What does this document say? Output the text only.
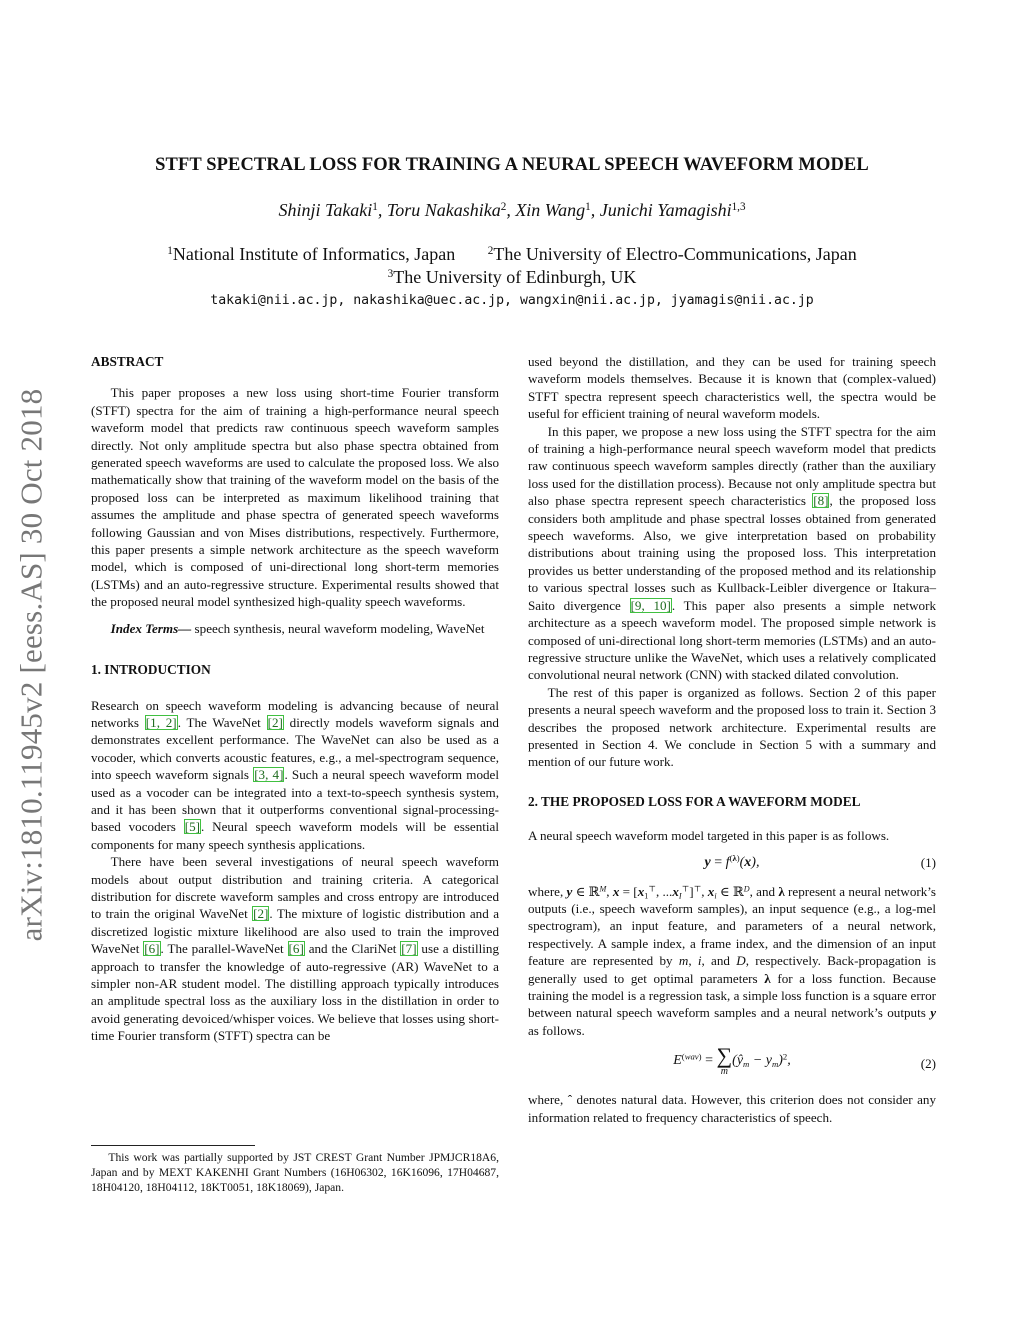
arXiv:1810.11945v2 [eess.AS] 30 Oct 2018
STFT SPECTRAL LOSS FOR TRAINING A NEURAL SPEECH WAVEFORM MODEL
Shinji Takaki$^1$, Toru Nakashika$^2$, Xin Wang$^1$, Junichi Yamagishi$^{1,3}$
$^1$National Institute of Informatics, Japan	$^2$The University of Electro-Communications, Japan
$^3$The University of Edinburgh, UK
takaki@nii.ac.jp, nakashika@uec.ac.jp, wangxin@nii.ac.jp, jyamagis@nii.ac.jp

ABSTRACT

This paper proposes a new loss using short-time Fourier transform (STFT) spectra for the aim of training a high-performance neural speech waveform model that predicts raw continuous speech waveform samples directly. Not only amplitude spectra but also phase spectra obtained from generated speech waveforms are used to calculate the proposed loss. We also mathematically show that training of the waveform model on the basis of the proposed loss can be interpreted as maximum likelihood training that assumes the amplitude and phase spectra of generated speech waveforms following Gaussian and von Mises distributions, respectively. Furthermore, this paper presents a simple network architecture as the speech waveform model, which is composed of uni-directional long short-term memories (LSTMs) and an auto-regressive structure. Experimental results showed that the proposed neural model synthesized high-quality speech waveforms.

Index Terms— speech synthesis, neural waveform modeling, WaveNet

1. INTRODUCTION

Research on speech waveform modeling is advancing because of neural networks [1, 2]. The WaveNet [2] directly models waveform signals and demonstrates excellent performance. The WaveNet can also be used as a vocoder, which converts acoustic features, e.g., a mel-spectrogram sequence, into speech waveform signals [3, 4]. Such a neural speech waveform model used as a vocoder can be integrated into a text-to-speech synthesis system, and it has been shown that it outperforms conventional signal-processing-based vocoders [5]. Neural speech waveform models will be essential components for many speech synthesis applications.

There have been several investigations of neural speech waveform models about output distribution and training criteria. A categorical distribution for discrete waveform samples and cross entropy are introduced to train the original WaveNet [2]. The mixture of logistic distribution and a discretized logistic mixture likelihood are also used to train the improved WaveNet [6]. The parallel-WaveNet [6] and the ClariNet [7] use a distilling approach to transfer the knowledge of auto-regressive (AR) WaveNet to a simpler non-AR student model. The distilling approach typically introduces an amplitude spectral loss as the auxiliary loss in the distillation in order to avoid generating devoiced/whisper voices. We believe that losses using short-time Fourier transform (STFT) spectra can be

This work was partially supported by JST CREST Grant Number JPMJCR18A6, Japan and by MEXT KAKENHI Grant Numbers (16H06302, 16K16096, 17H04687, 18H04120, 18H04112, 18KT0051, 18K18069), Japan.

used beyond the distillation, and they can be used for training speech waveform models themselves. Because it is known that (complex-valued) STFT spectra represent speech characteristics well, the spectra would be useful for efficient training of neural waveform models.

In this paper, we propose a new loss using the STFT spectra for the aim of training a high-performance neural speech waveform model that predicts raw continuous speech waveform samples directly (rather than the auxiliary loss used for the distillation process). Because not only amplitude spectra but also phase spectra represent speech characteristics [8], the proposed loss considers both amplitude and phase spectral losses obtained from generated speech waveforms. Also, we give interpretation based on probability distributions about training using the proposed loss. This interpretation provides us better understanding of the proposed method and its relationship to various spectral losses such as Kullback-Leibler divergence or Itakura–Saito divergence [9, 10]. This paper also presents a simple network architecture as a speech waveform model. The proposed simple network is composed of uni-directional long short-term memories (LSTMs) and an auto-regressive structure unlike the WaveNet, which uses a relatively complicated convolutional neural network (CNN) with stacked dilated convolution.

The rest of this paper is organized as follows. Section 2 of this paper presents a neural speech waveform and the proposed loss to train it. Section 3 describes the proposed network architecture. Experimental results are presented in Section 4. We conclude in Section 5 with a summary and mention of our future work.

2. THE PROPOSED LOSS FOR A WAVEFORM MODEL

A neural speech waveform model targeted in this paper is as follows.

$y = f^{(\lambda)}(x)$,	(1)

where, y ∈ ℝ$^M$, $x = [x_1^⊤$, $...x_I^⊤]^⊤$, $x_i$ ∈ ℝ$^D$, and λ represent a neural network’s outputs (i.e., speech waveform samples), an input sequence (e.g., a log-mel spectrogram), an input feature, and parameters of a neural network, respectively. A sample index, a frame index, and the dimension of an input feature are represented by m, i, and D, respectively. Back-propagation is generally used to get optimal parameters λ for a loss function. Because training the model is a regression task, a simple loss function is a square error between natural speech waveform samples and a neural network’s outputs y as follows.

$E^{(wav)}$ = ∑
m
$(ŷ_m - y_m)^2$,	(2)

where, ˆ denotes natural data. However, this criterion does not consider any information related to frequency characteristics of speech.
